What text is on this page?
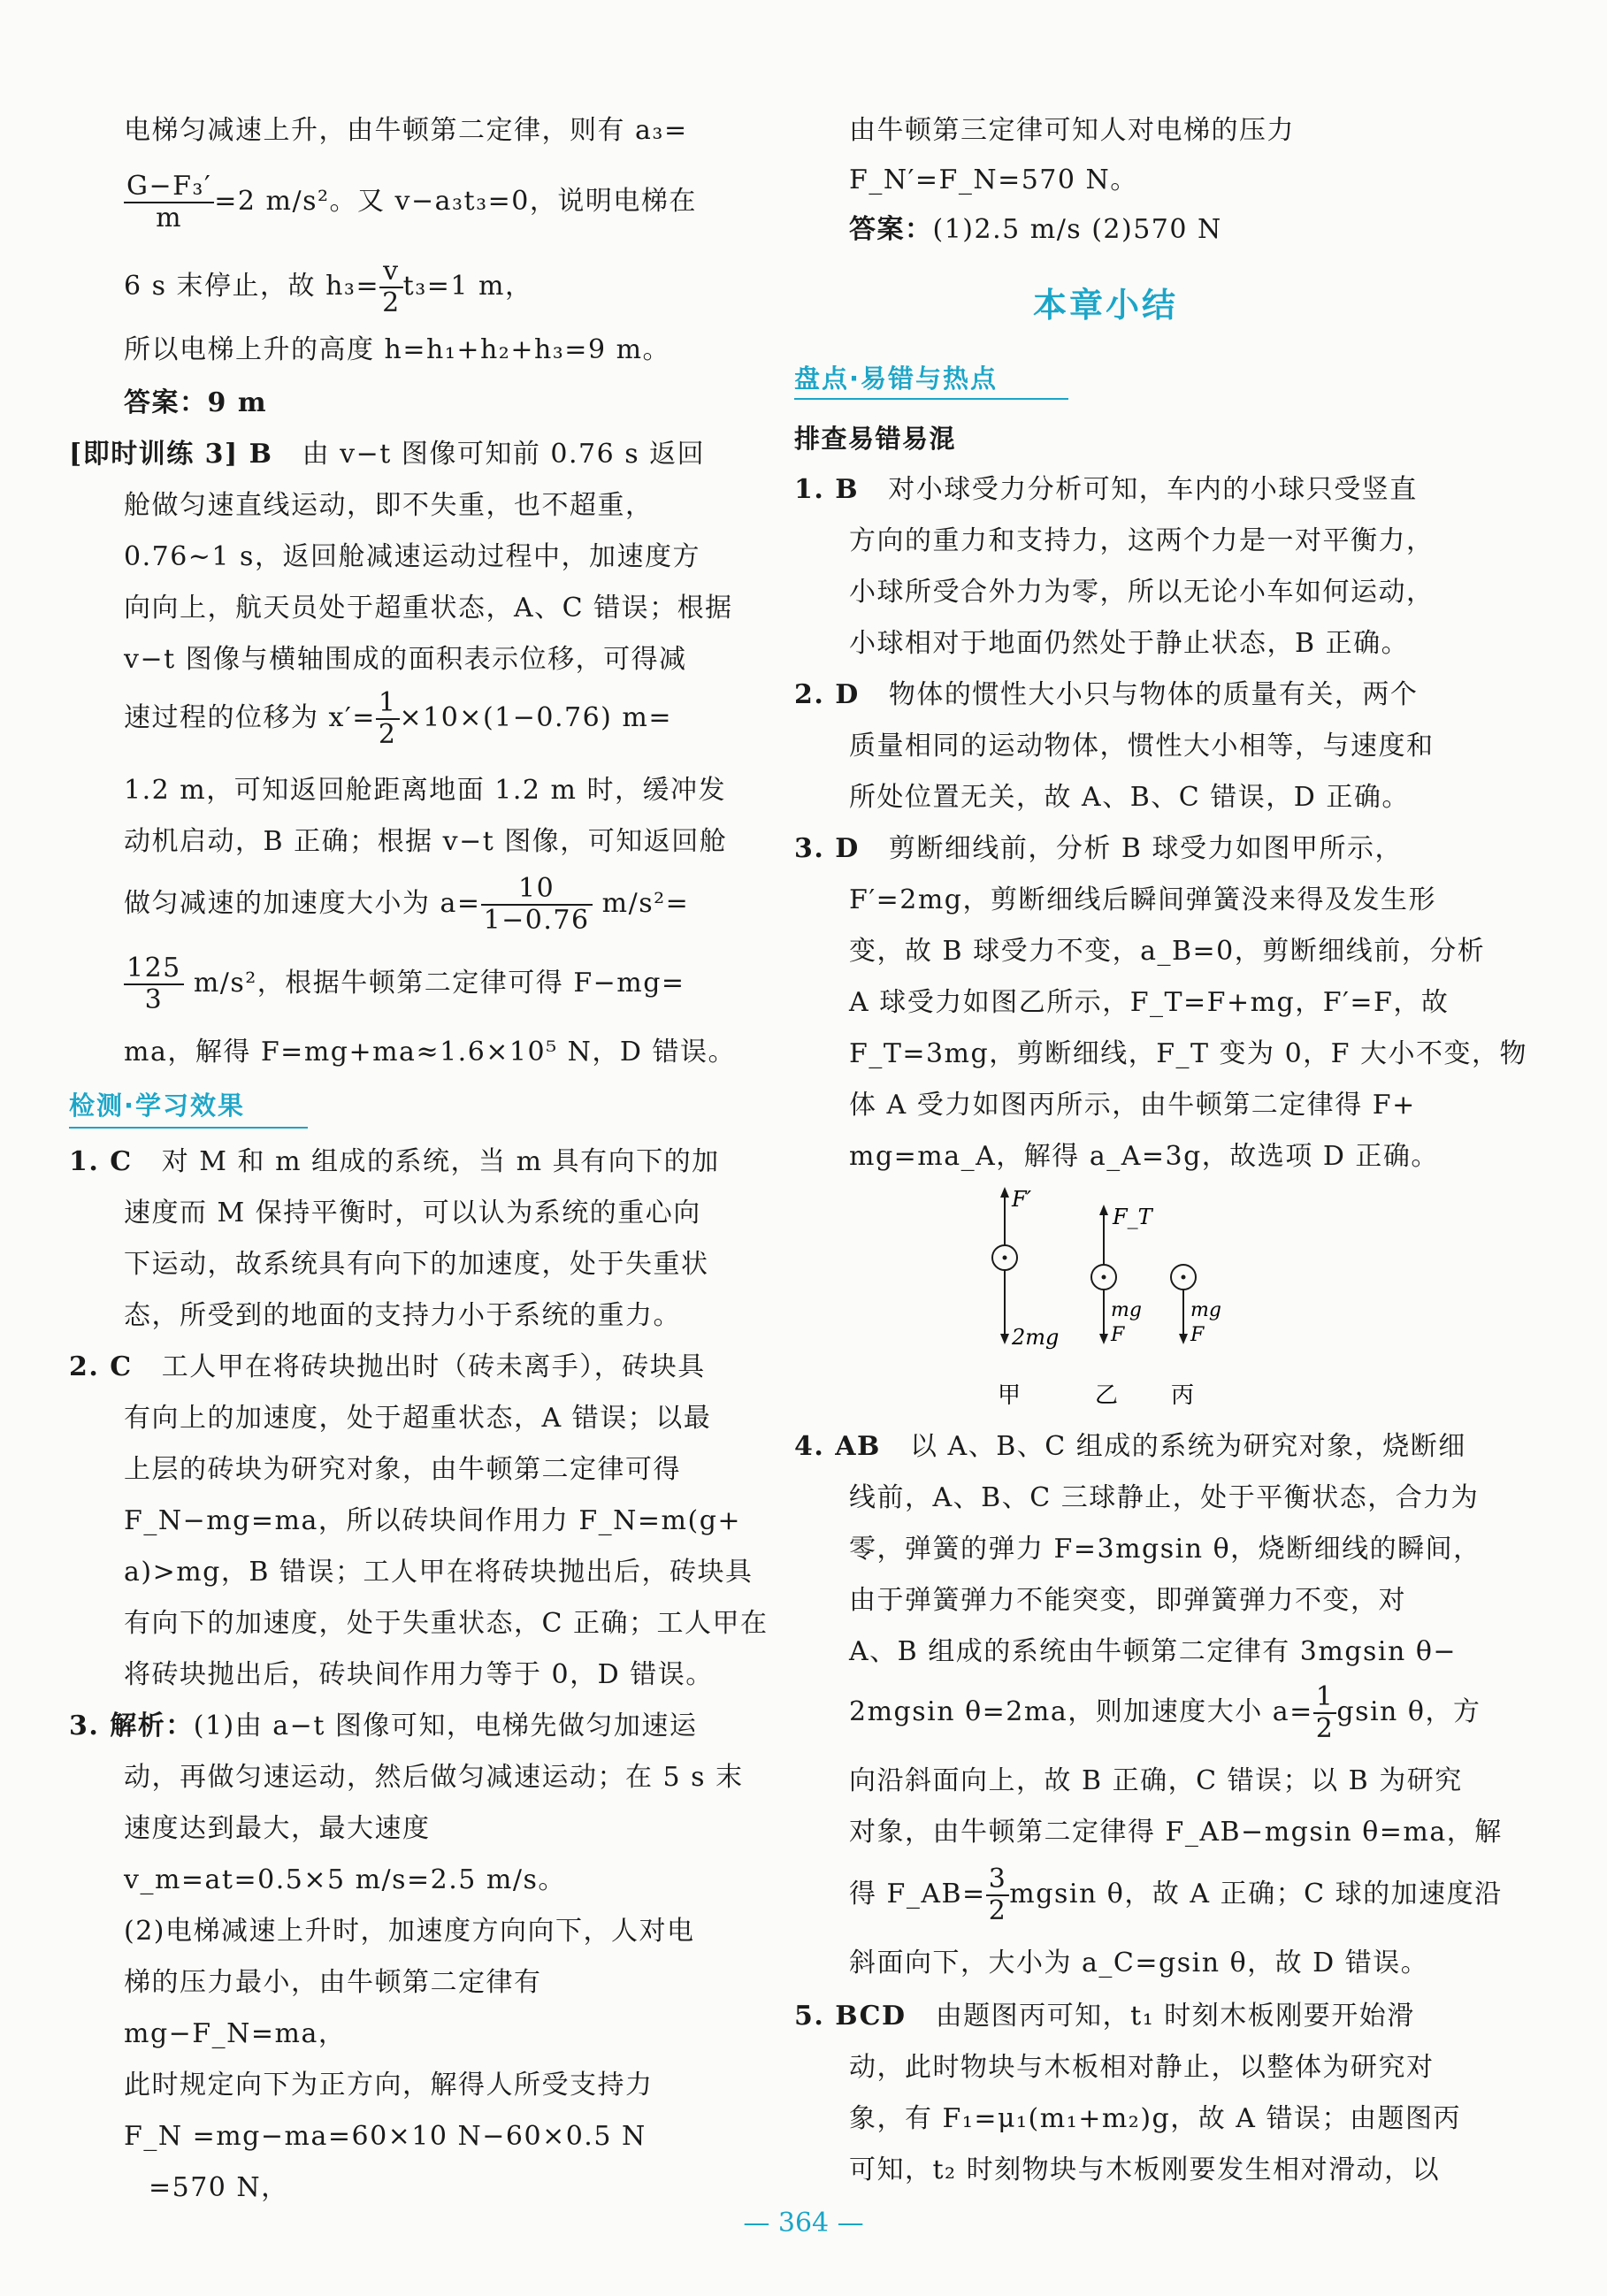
电梯匀减速上升，由牛顿第二定律，则有 a₃=
$\frac{\text{G−F₃′}}{m} =2$ m/s²。又 v−a₃t₃=0，说明电梯在
6 s 末停止，故 $h_3= \frac{v}{2} t_3=1$ m，
所以电梯上升的高度 h=h₁+h₂+h₃=9 m。
答案：9 m
[即时训练 3] B 由 v−t 图像可知前 0.76 s 返回
舱做匀速直线运动，即不失重，也不超重，
0.76~1 s，返回舱减速运动过程中，加速度方
向向上，航天员处于超重状态，A、C 错误；根据
v−t 图像与横轴围成的面积表示位移，可得减
速过程的位移为 $x'= \frac{1}{2} \times 10\times(1-0.76)$ m=
1.2 m，可知返回舱距离地面 1.2 m 时，缓冲发
动机启动，B 正确；根据 v−t 图像，可知返回舱
做匀减速的加速度大小为 $a= \frac{10}{1-0.76} m/s^2=$
$\frac{125}{3} m/s^2$，根据牛顿第二定律可得 F−mg=
ma，解得 F=mg+ma≈1.6×10⁵ N，D 错误。
检测·学习效果
1. C 对 M 和 m 组成的系统，当 m 具有向下的加
速度而 M 保持平衡时，可以认为系统的重心向
下运动，故系统具有向下的加速度，处于失重状
态，所受到的地面的支持力小于系统的重力。
2. C 工人甲在将砖块抛出时（砖未离手），砖块具
有向上的加速度，处于超重状态，A 错误；以最
上层的砖块为研究对象，由牛顿第二定律可得
F_N−mg=ma，所以砖块间作用力 F_N=m(g+
a)>mg，B 错误；工人甲在将砖块抛出后，砖块具
有向下的加速度，处于失重状态，C 正确；工人甲在
将砖块抛出后，砖块间作用力等于 0，D 错误。
3. 解析：(1)由 a−t 图像可知，电梯先做匀加速运
动，再做匀速运动，然后做匀减速运动；在 5 s 末
速度达到最大，最大速度
v_m=at=0.5×5 m/s=2.5 m/s。
(2)电梯减速上升时，加速度方向向下，人对电
梯的压力最小，由牛顿第二定律有
mg−F_N=ma，
此时规定向下为正方向，解得人所受支持力
F_N =mg−ma=60×10 N−60×0.5 N
=570 N，
由牛顿第三定律可知人对电梯的压力
F_N′=F_N=570 N。
答案：(1)2.5 m/s (2)570 N
本章小结
盘点·易错与热点
排查易错易混
1. B 对小球受力分析可知，车内的小球只受竖直
方向的重力和支持力，这两个力是一对平衡力，
小球所受合外力为零，所以无论小车如何运动，
小球相对于地面仍然处于静止状态，B 正确。
2. D 物体的惯性大小只与物体的质量有关，两个
质量相同的运动物体，惯性大小相等，与速度和
所处位置无关，故 A、B、C 错误，D 正确。
3. D 剪断细线前，分析 B 球受力如图甲所示，
F′=2mg，剪断细线后瞬间弹簧没来得及发生形
变，故 B 球受力不变，a_B=0，剪断细线前，分析
A 球受力如图乙所示，F_T=F+mg，F′=F，故
F_T=3mg，剪断细线，F_T 变为 0，F 大小不变，物
体 A 受力如图丙所示，由牛顿第二定律得 F+
mg=ma_A，解得 a_A=3g，故选项 D 正确。
F′
2mg
甲
F_T
mg
F
乙
mg
F
丙
4. AB 以 A、B、C 组成的系统为研究对象，烧断细
线前，A、B、C 三球静止，处于平衡状态，合力为
零，弹簧的弹力 F=3mgsin θ，烧断细线的瞬间，
由于弹簧弹力不能突变，即弹簧弹力不变，对
A、B 组成的系统由牛顿第二定律有 3mgsin θ−
2mgsin θ=2ma，则加速度大小 $a= \frac{1}{2}$ gsin θ，方
向沿斜面向上，故 B 正确，C 错误；以 B 为研究
对象，由牛顿第二定律得 F_AB−mgsin θ=ma，解
得 F_AB= $\frac{3}{2}$ mgsin θ，故 A 正确；C 球的加速度沿
斜面向下，大小为 a_C=gsin θ，故 D 错误。
5. BCD 由题图丙可知，t₁ 时刻木板刚要开始滑
动，此时物块与木板相对静止，以整体为研究对
象，有 F₁=μ₁(m₁+m₂)g，故 A 错误；由题图丙
可知，t₂ 时刻物块与木板刚要发生相对滑动，以
— 364 —
